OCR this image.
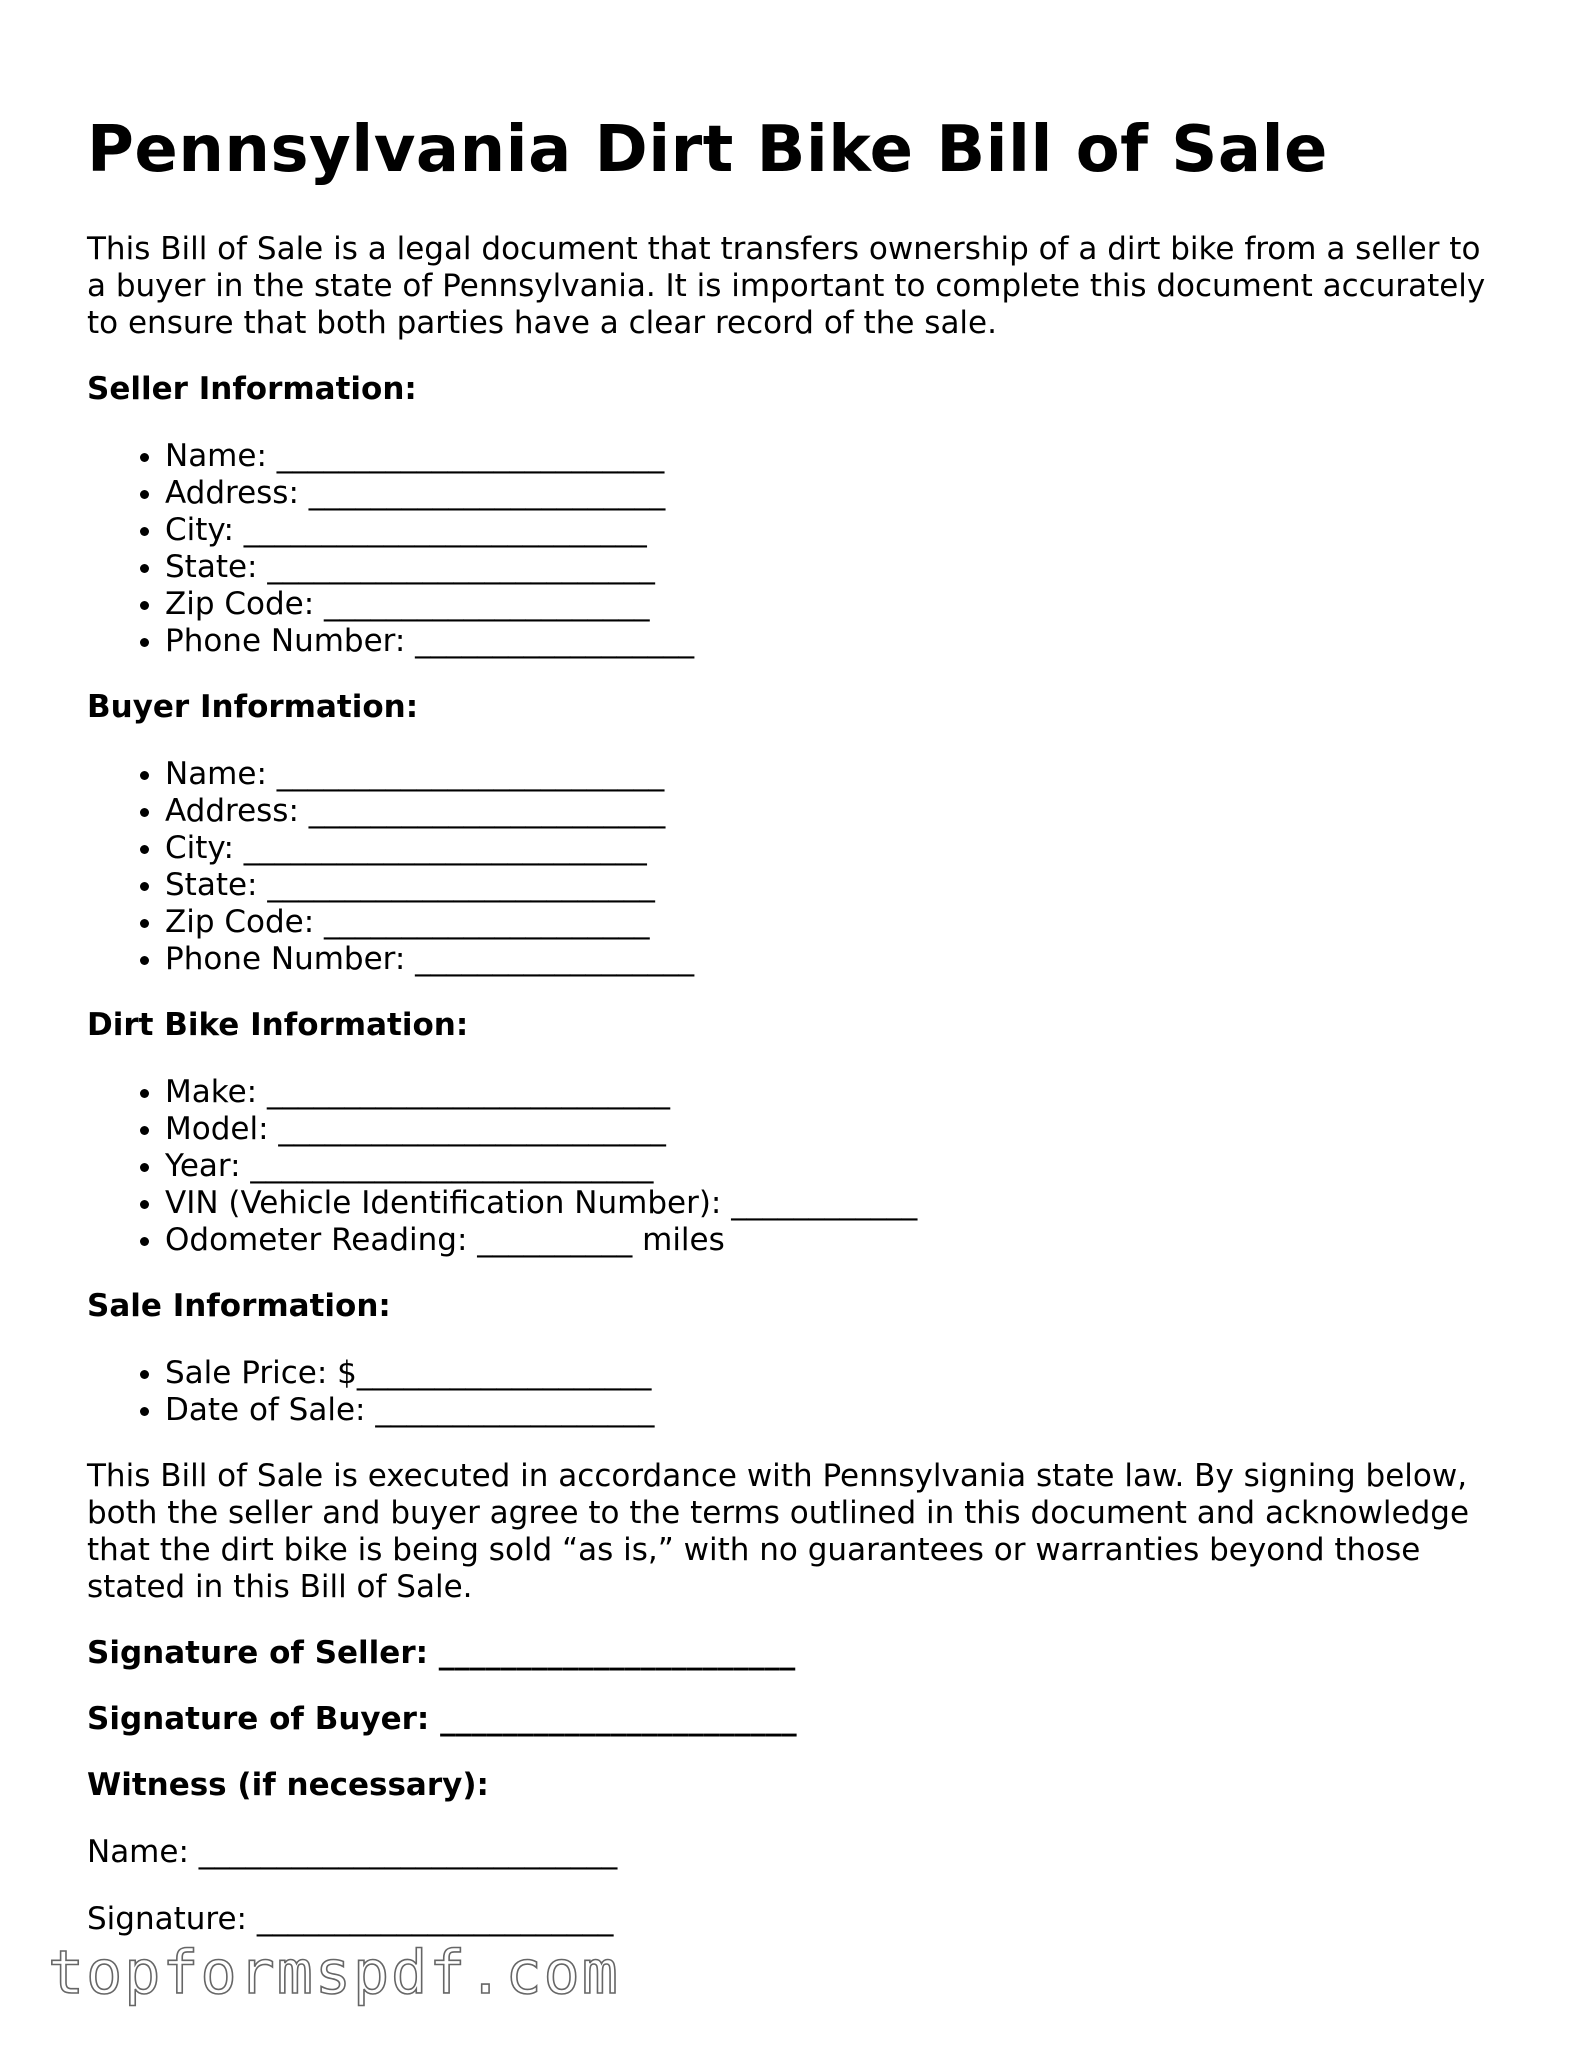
Pennsylvania Dirt Bike Bill of Sale

This Bill of Sale is a legal document that transfers ownership of a dirt bike from a seller to a buyer in the state of Pennsylvania. It is important to complete this document accurately to ensure that both parties have a clear record of the sale.

Seller Information:
• Name: _________________________
• Address: _______________________
• City: __________________________
• State: _________________________
• Zip Code: _____________________
• Phone Number: __________________
Buyer Information:
• Name: _________________________
• Address: _______________________
• City: __________________________
• State: _________________________
• Zip Code: _____________________
• Phone Number: __________________
Dirt Bike Information:
• Make: __________________________
• Model: _________________________
• Year: __________________________
• VIN (Vehicle Identification Number): ____________
• Odometer Reading: __________ miles
Sale Information:
• Sale Price: $___________________
• Date of Sale: __________________

This Bill of Sale is executed in accordance with Pennsylvania state law. By signing below, both the seller and buyer agree to the terms outlined in this document and acknowledge that the dirt bike is being sold “as is,” with no guarantees or warranties beyond those stated in this Bill of Sale.

Signature of Seller: _______________________
Signature of Buyer: _______________________
Witness (if necessary):
Name: ___________________________
Signature: _______________________
topformspdf.com
